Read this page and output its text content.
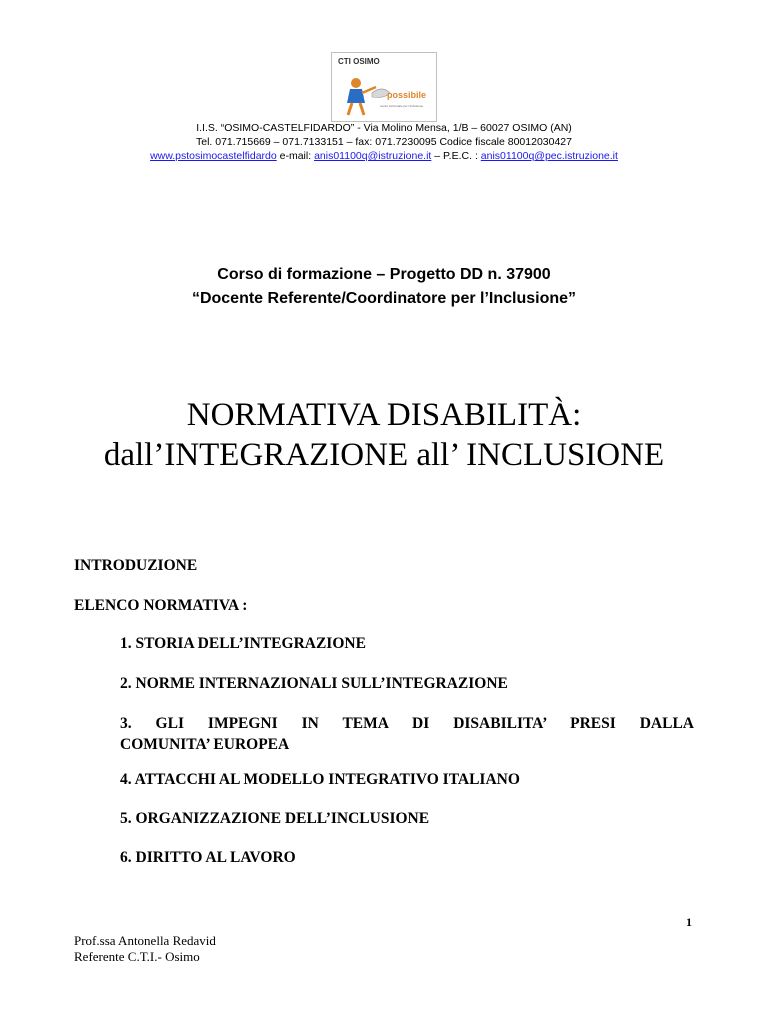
CTI OSIMO
possibile
centro territoriale per l'inclusione
I.I.S. “OSIMO-CASTELFIDARDO” - Via Molino Mensa, 1/B – 60027 OSIMO (AN)
Tel. 071.715669 – 071.7133151 – fax: 071.7230095 Codice fiscale 80012030427
www.pstosimocastelfidardo e-mail: anis01100q@istruzione.it – P.E.C. : anis01100q@pec.istruzione.it
Corso di formazione – Progetto DD n. 37900
“Docente Referente/Coordinatore per l’Inclusione”
NORMATIVA DISABILITÀ:
dall’INTEGRAZIONE all’ INCLUSIONE
INTRODUZIONE
ELENCO NORMATIVA :
1. STORIA DELL’INTEGRAZIONE
2. NORME INTERNAZIONALI SULL’INTEGRAZIONE
3. GLI IMPEGNI IN TEMA DI DISABILITA’ PRESI DALLA
COMUNITA’ EUROPEA
4. ATTACCHI AL MODELLO INTEGRATIVO ITALIANO
5. ORGANIZZAZIONE DELL’INCLUSIONE
6. DIRITTO AL LAVORO
1
Prof.ssa Antonella Redavid
Referente C.T.I.- Osimo
